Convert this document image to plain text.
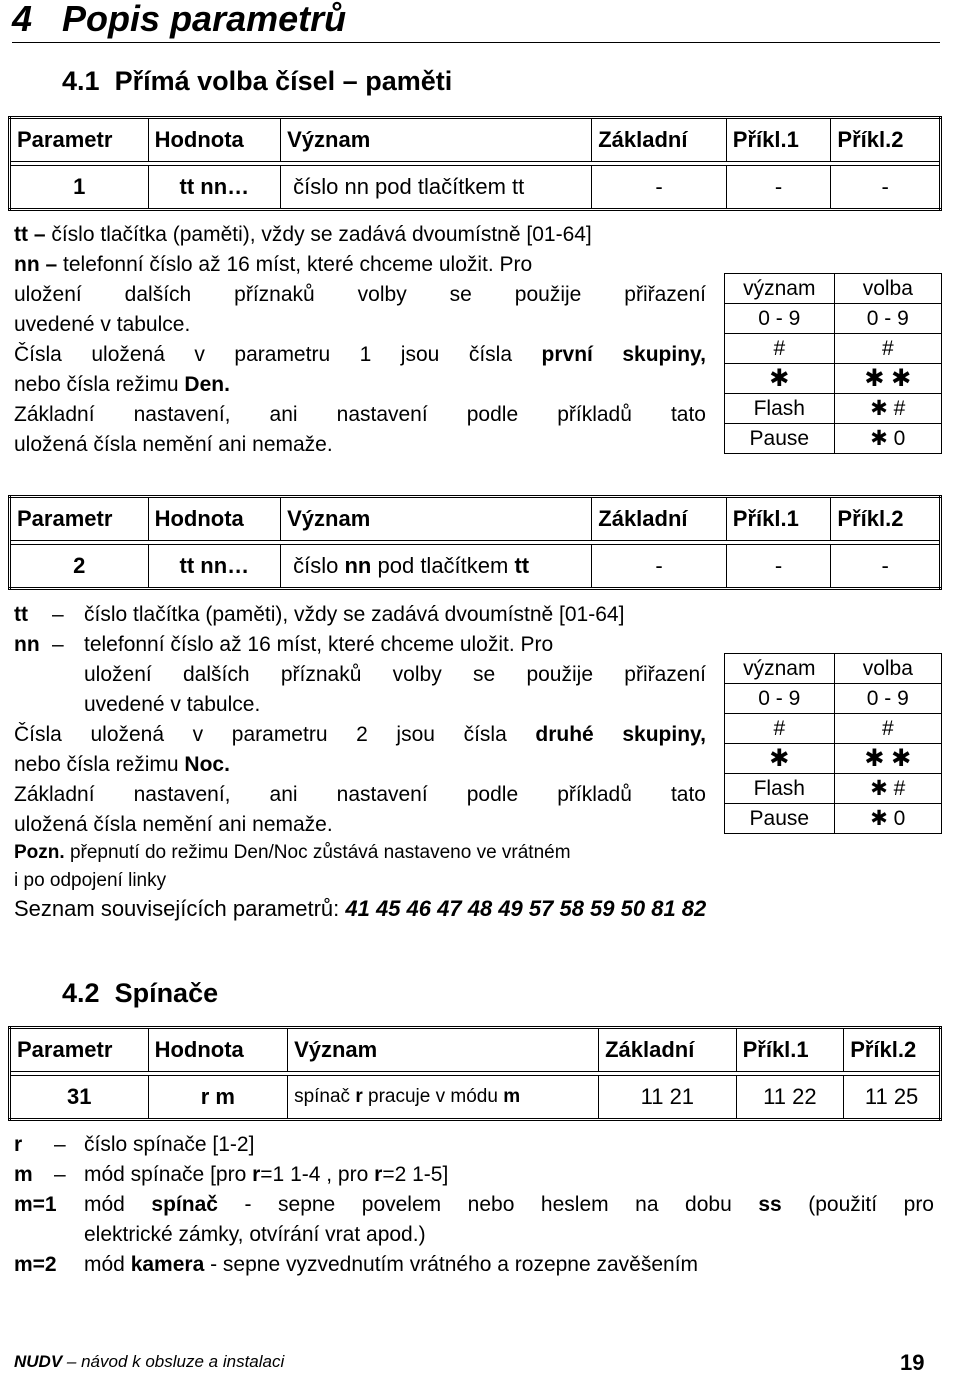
4 Popis parametrů
4.1 Přímá volba čísel – paměti
Parametr	Hodnota	Význam	Základní	Příkl.1	Příkl.2

1	tt nn…	číslo nn pod tlačítkem tt	-	-	-
tt – číslo tlačítka (paměti), vždy se zadává dvoumístně [01-64]
nn – telefonní číslo až 16 míst, které chceme uložit. Pro
uložení dalších příznaků volby se použije přiřazení
uvedené v tabulce.
Čísla uložená v parametru 1 jsou čísla první skupiny,
nebo čísla režimu Den.
Základní nastavení, ani nastavení podle příkladů tato
uložená čísla nemění ani nemaže.
význam	volba
0 - 9	0 - 9
#	#
✱	✱ ✱
Flash	✱ #
Pause	✱ 0
Parametr	Hodnota	Význam	Základní	Příkl.1	Příkl.2

2	tt nn…	číslo nn pod tlačítkem tt	-	-	-
tt – číslo tlačítka (paměti), vždy se zadává dvoumístně [01-64]
nn – telefonní číslo až 16 míst, které chceme uložit. Pro
uložení dalších příznaků volby se použije přiřazení
uvedené v tabulce.
Čísla uložená v parametru 2 jsou čísla druhé skupiny,
nebo čísla režimu Noc.
Základní nastavení, ani nastavení podle příkladů tato
uložená čísla nemění ani nemaže.
Pozn. přepnutí do režimu Den/Noc zůstává nastaveno ve vrátném
i po odpojení linky
Seznam souvisejících parametrů: 41 45 46 47 48 49 57 58 59 50 81 82
význam	volba
0 - 9	0 - 9
#	#
✱	✱ ✱
Flash	✱ #
Pause	✱ 0
4.2 Spínače
Parametr	Hodnota	Význam	Základní	Příkl.1	Příkl.2

31	r m	spínač r pracuje v módu m	11 21	11 22	11 25
r – číslo spínače [1-2]
m – mód spínače [pro r=1 1-4 , pro r=2 1-5]
m=1 mód spínač - sepne povelem nebo heslem na dobu ss (použití pro
elektrické zámky, otvírání vrat apod.)
m=2 mód kamera - sepne vyzvednutím vrátného a rozepne zavěšením
NUDV – návod k obsluze a instalaci	19
